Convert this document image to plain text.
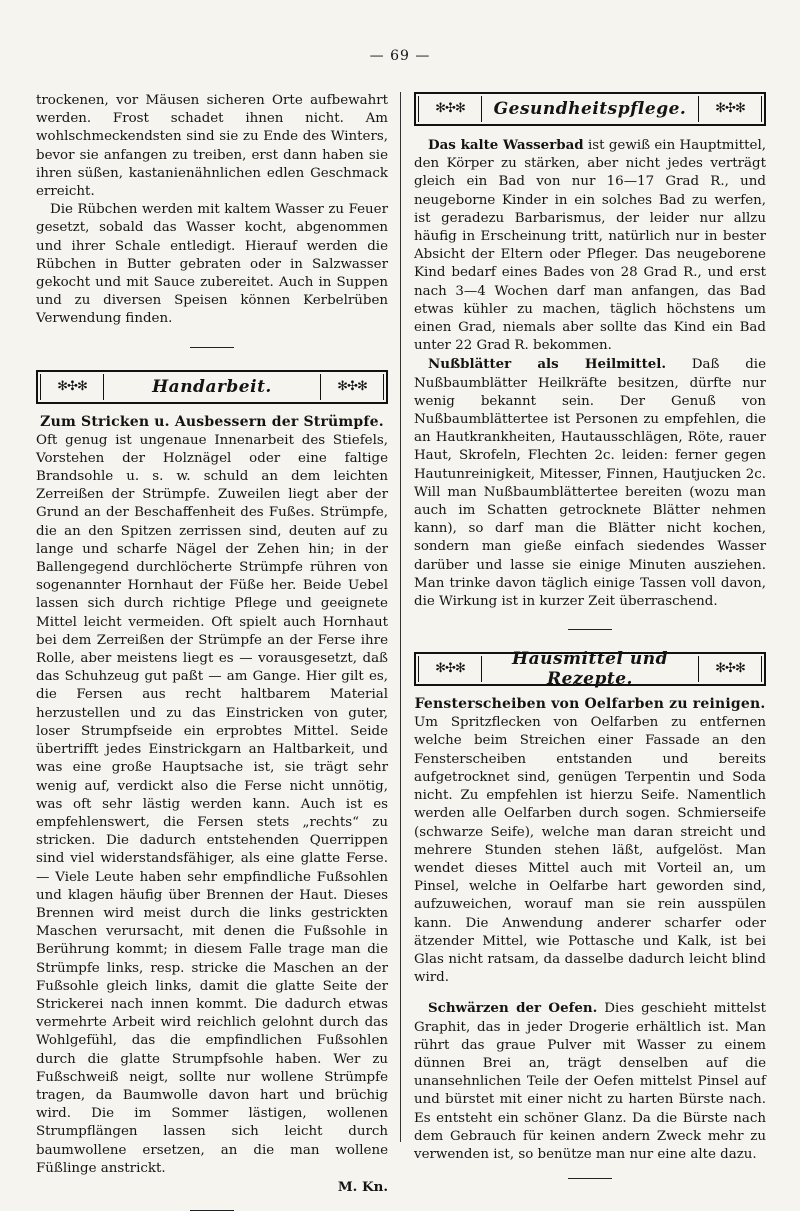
— 69 —

trockenen, vor Mäusen sicheren Orte aufbewahrt werden. Frost schadet ihnen nicht. Am wohlschmeckendsten sind sie zu Ende des Winters, bevor sie anfangen zu treiben, erst dann haben sie ihren süßen, kastanienähnlichen edlen Geschmack erreicht.

Die Rübchen werden mit kaltem Wasser zu Feuer gesetzt, sobald das Wasser kocht, abgenommen und ihrer Schale entledigt. Hierauf werden die Rübchen in Butter gebraten oder in Salzwasser gekocht und mit Sauce zubereitet. Auch in Suppen und zu diversen Speisen können Kerbelrüben Verwendung finden.

✻✣✻	Handarbeit.	✻✣✻
Zum Stricken u. Ausbessern der Strümpfe.

Oft genug ist ungenaue Innenarbeit des Stiefels, Vorstehen der Holznägel oder eine faltige Brandsohle u. s. w. schuld an dem leichten Zerreißen der Strümpfe. Zuweilen liegt aber der Grund an der Beschaffenheit des Fußes. Strümpfe, die an den Spitzen zerrissen sind, deuten auf zu lange und scharfe Nägel der Zehen hin; in der Ballengegend durchlöcherte Strümpfe rühren von sogenannter Hornhaut der Füße her. Beide Uebel lassen sich durch richtige Pflege und geeignete Mittel leicht vermeiden. Oft spielt auch Hornhaut bei dem Zerreißen der Strümpfe an der Ferse ihre Rolle, aber meistens liegt es — vorausgesetzt, daß das Schuhzeug gut paßt — am Gange. Hier gilt es, die Fersen aus recht haltbarem Material herzustellen und zu das Einstricken von guter, loser Strumpfseide ein erprobtes Mittel. Seide übertrifft jedes Einstrickgarn an Haltbarkeit, und was eine große Hauptsache ist, sie trägt sehr wenig auf, verdickt also die Ferse nicht unnötig, was oft sehr lästig werden kann. Auch ist es empfehlenswert, die Fersen stets „rechts“ zu stricken. Die dadurch entstehenden Querrippen sind viel widerstandsfähiger, als eine glatte Ferse. — Viele Leute haben sehr empfindliche Fußsohlen und klagen häufig über Brennen der Haut. Dieses Brennen wird meist durch die links gestrickten Maschen verursacht, mit denen die Fußsohle in Berührung kommt; in diesem Falle trage man die Strümpfe links, resp. stricke die Maschen an der Fußsohle gleich links, damit die glatte Seite der Strickerei nach innen kommt. Die dadurch etwas vermehrte Arbeit wird reichlich gelohnt durch das Wohlgefühl, das die empfindlichen Fußsohlen durch die glatte Strumpfsohle haben. Wer zu Fußschweiß neigt, sollte nur wollene Strümpfe tragen, da Baumwolle davon hart und brüchig wird. Die im Sommer lästigen, wollenen Strumpflängen lassen sich leicht durch baumwollene ersetzen, an die man wollene Füßlinge anstrickt.

M. Kn.
✻✣✻	Gesundheitspflege.	✻✣✻

Das kalte Wasserbad ist gewiß ein Hauptmittel, den Körper zu stärken, aber nicht jedes verträgt gleich ein Bad von nur 16—17 Grad R., und neugeborne Kinder in ein solches Bad zu werfen, ist geradezu Barbarismus, der leider nur allzu häufig in Erscheinung tritt, natürlich nur in bester Absicht der Eltern oder Pfleger. Das neugeborene Kind bedarf eines Bades von 28 Grad R., und erst nach 3—4 Wochen darf man anfangen, das Bad etwas kühler zu machen, täglich höchstens um einen Grad, niemals aber sollte das Kind ein Bad unter 22 Grad R. bekommen.

Nußblätter als Heilmittel. Daß die Nußbaumblätter Heilkräfte besitzen, dürfte nur wenig bekannt sein. Der Genuß von Nußbaumblättertee ist Personen zu empfehlen, die an Hautkrankheiten, Hautausschlägen, Röte, rauer Haut, Skrofeln, Flechten 2c. leiden: ferner gegen Hautunreinigkeit, Mitesser, Finnen, Hautjucken 2c. Will man Nußbaumblättertee bereiten (wozu man auch im Schatten getrocknete Blätter nehmen kann), so darf man die Blätter nicht kochen, sondern man gieße einfach siedendes Wasser darüber und lasse sie einige Minuten ausziehen. Man trinke davon täglich einige Tassen voll davon, die Wirkung ist in kurzer Zeit überraschend.

✻✣✻	Hausmittel und Rezepte.
✻✣✻
Fensterscheiben von Oelfarben zu reinigen.

Um Spritzflecken von Oelfarben zu entfernen welche beim Streichen einer Fassade an den Fensterscheiben entstanden und bereits aufgetrocknet sind, genügen Terpentin und Soda nicht. Zu empfehlen ist hierzu Seife. Namentlich werden alle Oelfarben durch sogen. Schmierseife (schwarze Seife), welche man daran streicht und mehrere Stunden stehen läßt, aufgelöst. Man wendet dieses Mittel auch mit Vorteil an, um Pinsel, welche in Oelfarbe hart geworden sind, aufzuweichen, worauf man sie rein ausspülen kann. Die Anwendung anderer scharfer oder ätzender Mittel, wie Pottasche und Kalk, ist bei Glas nicht ratsam, da dasselbe dadurch leicht blind wird.

Schwärzen der Oefen. Dies geschieht mittelst Graphit, das in jeder Drogerie erhältlich ist. Man rührt das graue Pulver mit Wasser zu einem dünnen Brei an, trägt denselben auf die unansehnlichen Teile der Oefen mittelst Pinsel auf und bürstet mit einer nicht zu harten Bürste nach. Es entsteht ein schöner Glanz. Da die Bürste nach dem Gebrauch für keinen andern Zweck mehr zu verwenden ist, so benütze man nur eine alte dazu.
